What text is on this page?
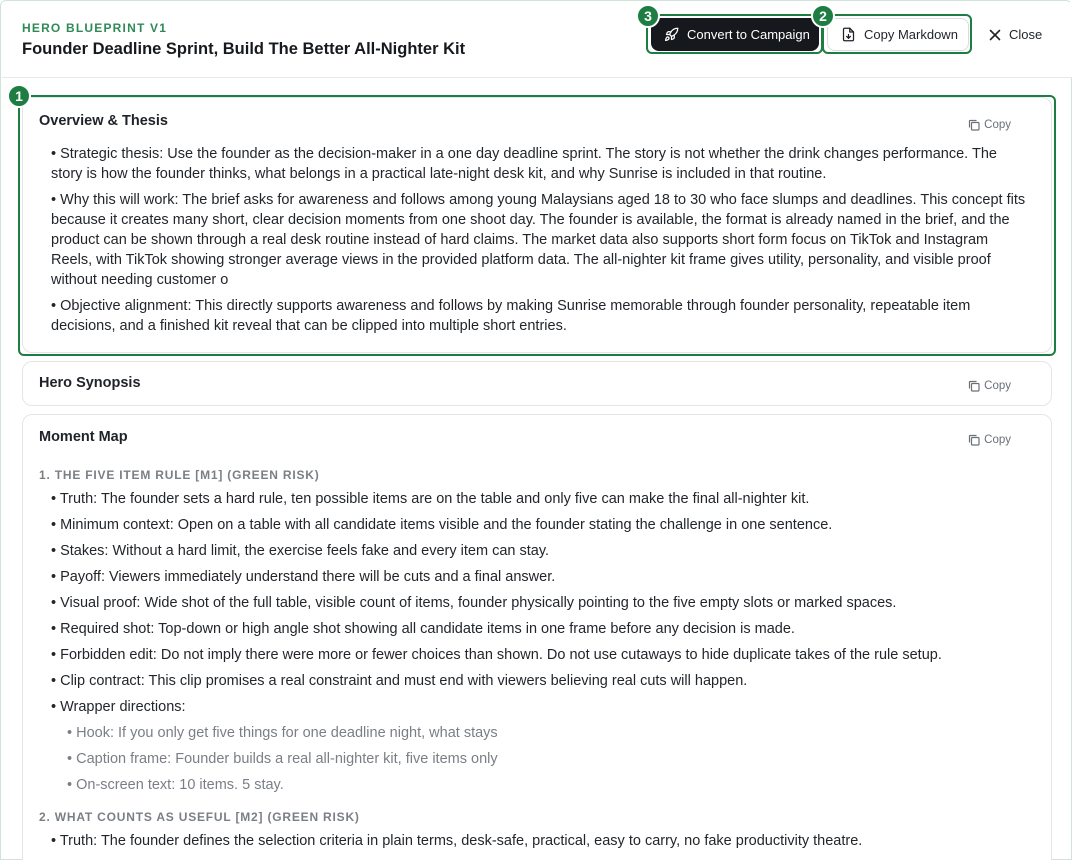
HERO BLUEPRINT V1
Founder Deadline Sprint, Build The Better All-Nighter Kit
Convert to Campaign	Copy Markdown	Close
Overview & Thesis	Copy

• Strategic thesis: Use the founder as the decision-maker in a one day deadline sprint. The story is not whether the drink changes performance. The story is how the founder thinks, what belongs in a practical late-night desk kit, and why Sunrise is included in that routine.

• Why this will work: The brief asks for awareness and follows among young Malaysians aged 18 to 30 who face slumps and deadlines. This concept fits because it creates many short, clear decision moments from one shoot day. The founder is available, the format is already named in the brief, and the product can be shown through a real desk routine instead of hard claims. The market data also supports short form focus on TikTok and Instagram Reels, with TikTok showing stronger average views in the provided platform data. The all-nighter kit frame gives utility, personality, and visible proof without needing customer o

• Objective alignment: This directly supports awareness and follows by making Sunrise memorable through founder personality, repeatable item decisions, and a finished kit reveal that can be clipped into multiple short entries.

Hero Synopsis	Copy
Moment Map	Copy
1. THE FIVE ITEM RULE [M1] (GREEN RISK)
• Truth: The founder sets a hard rule, ten possible items are on the table and only five can make the final all-nighter kit.
• Minimum context: Open on a table with all candidate items visible and the founder stating the challenge in one sentence.
• Stakes: Without a hard limit, the exercise feels fake and every item can stay.
• Payoff: Viewers immediately understand there will be cuts and a final answer.
• Visual proof: Wide shot of the full table, visible count of items, founder physically pointing to the five empty slots or marked spaces.
• Required shot: Top-down or high angle shot showing all candidate items in one frame before any decision is made.
• Forbidden edit: Do not imply there were more or fewer choices than shown. Do not use cutaways to hide duplicate takes of the rule setup.
• Clip contract: This clip promises a real constraint and must end with viewers believing real cuts will happen.
• Wrapper directions:
• Hook: If you only get five things for one deadline night, what stays
• Caption frame: Founder builds a real all-nighter kit, five items only
• On-screen text: 10 items. 5 stay.
2. WHAT COUNTS AS USEFUL [M2] (GREEN RISK)
• Truth: The founder defines the selection criteria in plain terms, desk-safe, practical, easy to carry, no fake productivity theatre.
1
2
3
